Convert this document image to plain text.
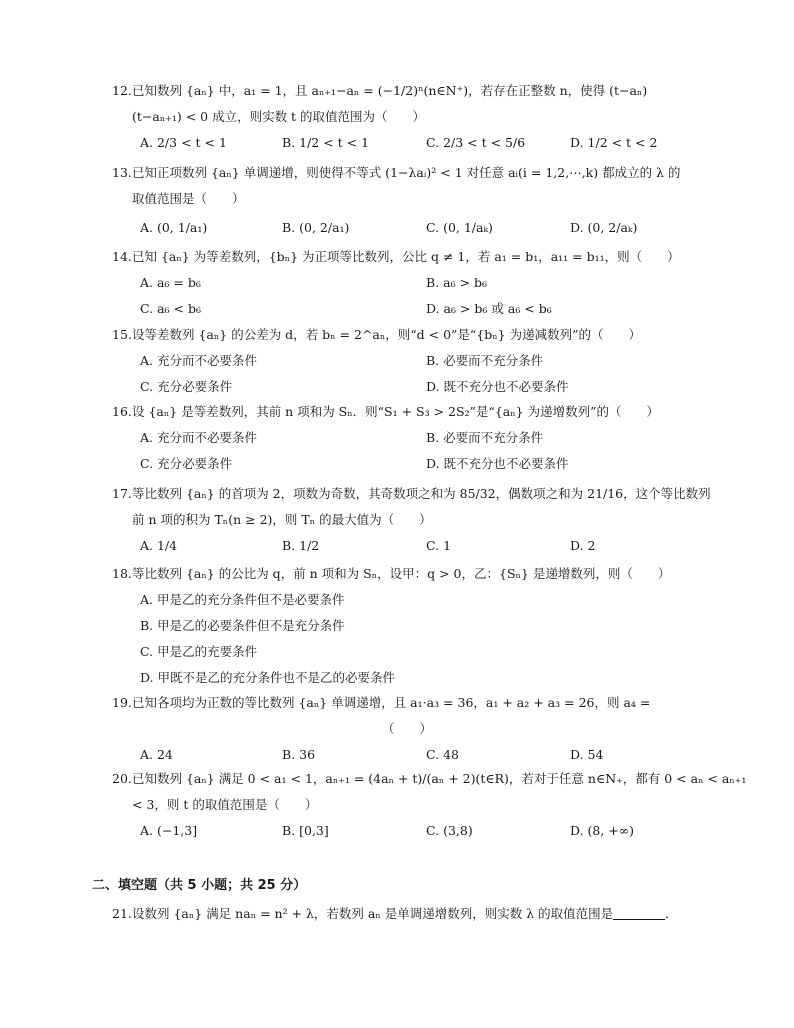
12. 已知数列 {aₙ} 中，a₁ = 1，且 aₙ₊₁−aₙ = (−1/2)ⁿ(n∈N⁺)，若存在正整数 n，使得 (t−aₙ)
(t−aₙ₊₁) < 0 成立，则实数 t 的取值范围为（　　）
A. 2/3 < t < 1	B. 1/2 < t < 1	C. 2/3 < t < 5/6	D. 1/2 < t < 2
13. 已知正项数列 {aₙ} 单调递增，则使得不等式 (1−λaᵢ)² < 1 对任意 aᵢ(i = 1,2,⋯,k) 都成立的 λ 的
取值范围是（　　）
A. (0, 1/a₁)	B. (0, 2/a₁)	C. (0, 1/aₖ)	D. (0, 2/aₖ)
14. 已知 {aₙ} 为等差数列，{bₙ} 为正项等比数列，公比 q ≠ 1，若 a₁ = b₁，a₁₁ = b₁₁，则（　　）
A. a₆ = b₆	B. a₆ > b₆
C. a₆ < b₆	D. a₆ > b₆ 或 a₆ < b₆
15. 设等差数列 {aₙ} 的公差为 d，若 bₙ = 2^aₙ，则“d < 0”是“{bₙ} 为递减数列”的（　　）
A. 充分而不必要条件	B. 必要而不充分条件
C. 充分必要条件	D. 既不充分也不必要条件
16. 设 {aₙ} 是等差数列，其前 n 项和为 Sₙ．则“S₁ + S₃ > 2S₂”是“{aₙ} 为递增数列”的（　　）
A. 充分而不必要条件	B. 必要而不充分条件
C. 充分必要条件	D. 既不充分也不必要条件
17. 等比数列 {aₙ} 的首项为 2，项数为奇数，其奇数项之和为 85/32，偶数项之和为 21/16，这个等比数列
前 n 项的积为 Tₙ(n ≥ 2)，则 Tₙ 的最大值为（　　）
A. 1/4	B. 1/2	C. 1	D. 2
18. 等比数列 {aₙ} 的公比为 q，前 n 项和为 Sₙ，设甲：q > 0，乙：{Sₙ} 是递增数列，则（　　）
A. 甲是乙的充分条件但不是必要条件
B. 甲是乙的必要条件但不是充分条件
C. 甲是乙的充要条件
D. 甲既不是乙的充分条件也不是乙的必要条件
19. 已知各项均为正数的等比数列 {aₙ} 单调递增，且 a₁·a₃ = 36，a₁ + a₂ + a₃ = 26，则 a₄ =
（　　）
A. 24	B. 36	C. 48	D. 54
20. 已知数列 {aₙ} 满足 0 < a₁ < 1，aₙ₊₁ = (4aₙ + t)/(aₙ + 2)(t∈R)，若对于任意 n∈N₊，都有 0 < aₙ < aₙ₊₁
< 3，则 t 的取值范围是（　　）
A. (−1,3]	B. [0,3]	C. (3,8)	D. (8, +∞)
二、填空题（共 5 小题；共 25 分）
21. 设数列 {aₙ} 满足 naₙ = n² + λ，若数列 aₙ 是单调递增数列，则实数 λ 的取值范围是	．
